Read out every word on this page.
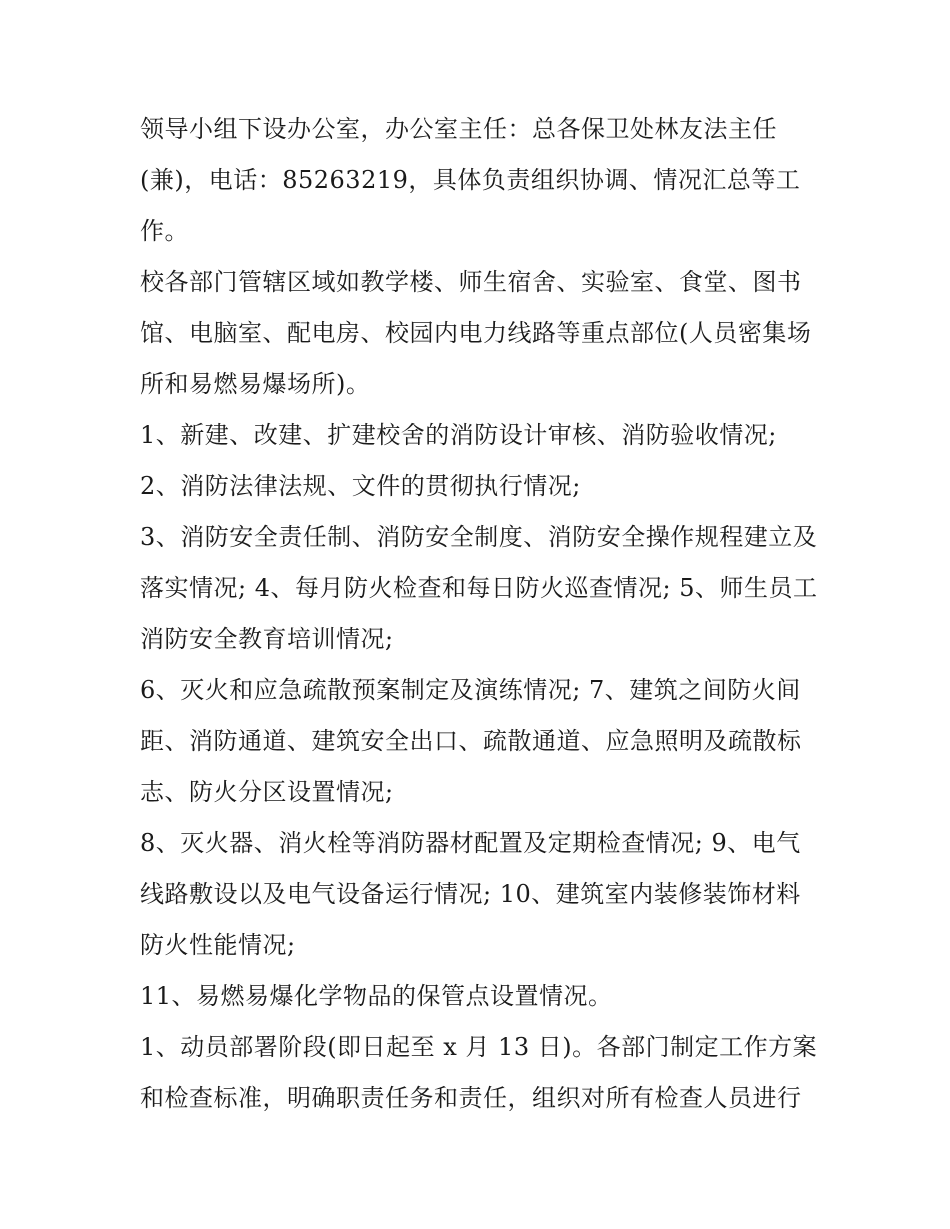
领导小组下设办公室，办公室主任：总各保卫处林友法主任(兼)，电话：85263219，具体负责组织协调、情况汇总等工作。

校各部门管辖区域如教学楼、师生宿舍、实验室、食堂、图书馆、电脑室、配电房、校园内电力线路等重点部位(人员密集场所和易燃易爆场所)。

1、新建、改建、扩建校舍的消防设计审核、消防验收情况;

2、消防法律法规、文件的贯彻执行情况;

3、消防安全责任制、消防安全制度、消防安全操作规程建立及落实情况; 4、每月防火检查和每日防火巡查情况; 5、师生员工消防安全教育培训情况;

6、灭火和应急疏散预案制定及演练情况; 7、建筑之间防火间距、消防通道、建筑安全出口、疏散通道、应急照明及疏散标志、防火分区设置情况;

8、灭火器、消火栓等消防器材配置及定期检查情况; 9、电气线路敷设以及电气设备运行情况; 10、建筑室内装修装饰材料防火性能情况;

11、易燃易爆化学物品的保管点设置情况。

1、动员部署阶段(即日起至 x 月 13 日)。各部门制定工作方案和检查标准，明确职责任务和责任，组织对所有检查人员进行
